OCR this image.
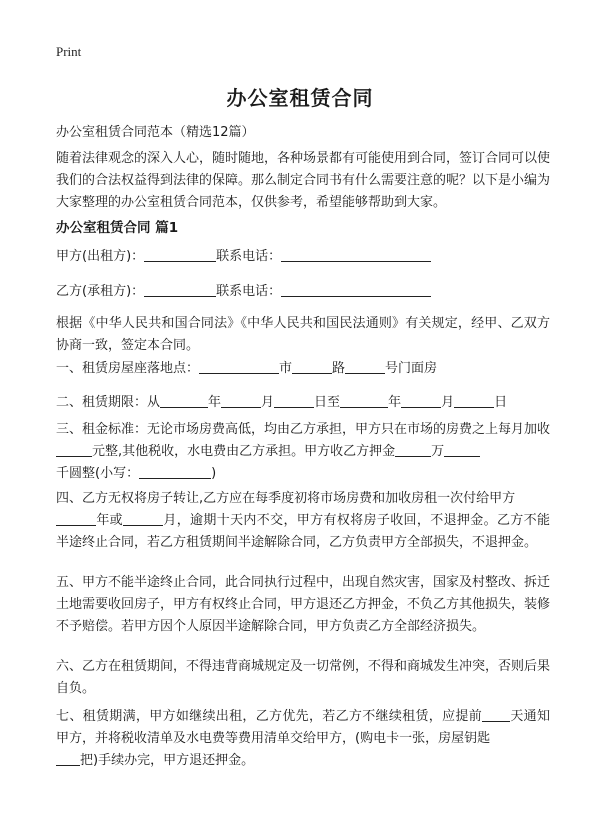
Print
办公室租赁合同
办公室租赁合同范本（精选12篇）
随着法律观念的深入人心，随时随地，各种场景都有可能使用到合同，签订合同可以使我们的合法权益得到法律的保障。那么制定合同书有什么需要注意的呢？以下是小编为大家整理的办公室租赁合同范本，仅供参考，希望能够帮助到大家。
办公室租赁合同 篇1
甲方(出租方)：	联系电话：
乙方(承租方)：	联系电话：
根据《中华人民共和国合同法》《中华人民共和国民法通则》有关规定，经甲、乙双方协商一致，签定本合同。
一、租赁房屋座落地点：	市	路	号门面房
二、租赁期限：从	年	月	日至	年	月	日
三、租金标准：无论市场房费高低，均由乙方承担，甲方只在市场的房费之上每月加收元整,其他税收，水电费由乙方承担。甲方收乙方押金	万
千圆整(小写：	)
四、乙方无权将房子转让,乙方应在每季度初将市场房费和加收房租一次付给甲方
年或	月，逾期十天内不交，甲方有权将房子收回，不退押金。乙方不能半途终止合同，若乙方租赁期间半途解除合同，乙方负责甲方全部损失，不退押金。
五、甲方不能半途终止合同，此合同执行过程中，出现自然灾害，国家及村整改、拆迁土地需要收回房子，甲方有权终止合同，甲方退还乙方押金，不负乙方其他损失，装修不予赔偿。若甲方因个人原因半途解除合同，甲方负责乙方全部经济损失。
六、乙方在租赁期间，不得违背商城规定及一切常例，不得和商城发生冲突，否则后果自负。
七、租赁期满，甲方如继续出租，乙方优先，若乙方不继续租赁，应提前 天通知甲方，并将税收清单及水电费等费用清单交给甲方，(购电卡一张，房屋钥匙
把)手续办完，甲方退还押金。
